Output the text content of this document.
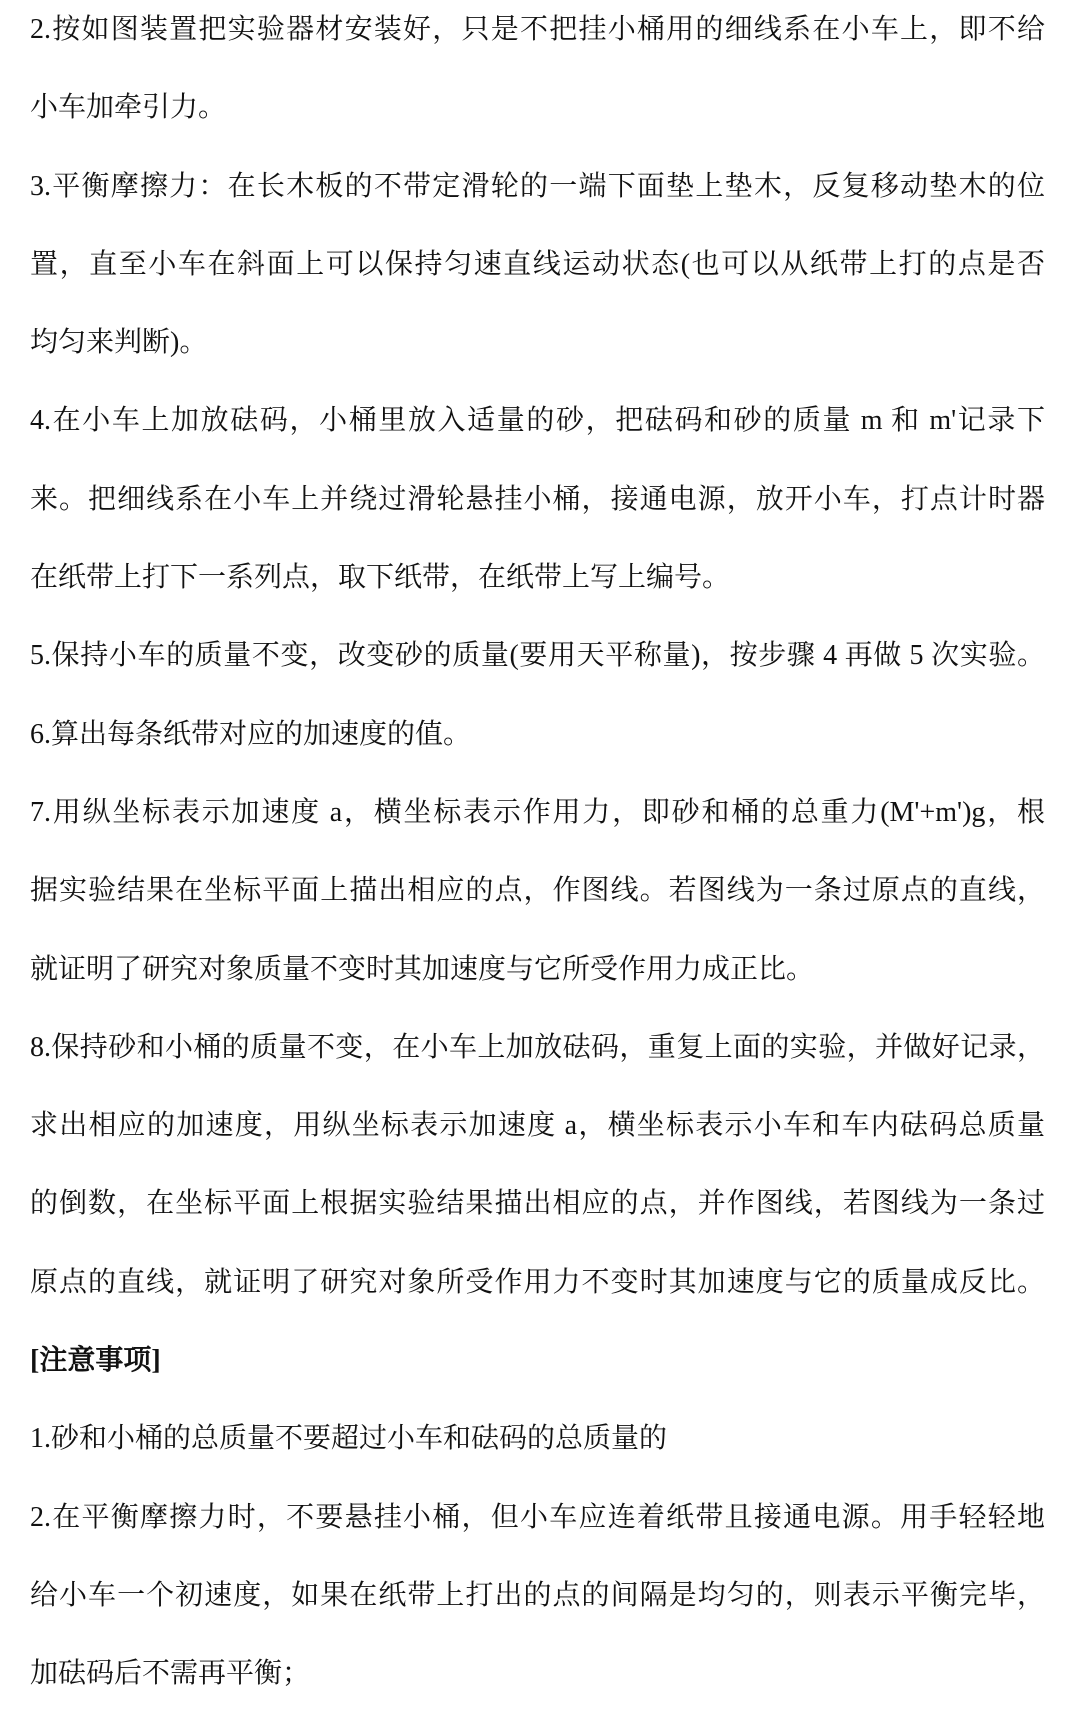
2.按如图装置把实验器材安装好，只是不把挂小桶用的细线系在小车上，即不给
小车加牵引力。
3.平衡摩擦力：在长木板的不带定滑轮的一端下面垫上垫木，反复移动垫木的位
置，直至小车在斜面上可以保持匀速直线运动状态(也可以从纸带上打的点是否
均匀来判断)。
4.在小车上加放砝码，小桶里放入适量的砂，把砝码和砂的质量 m 和 m'记录下
来。把细线系在小车上并绕过滑轮悬挂小桶，接通电源，放开小车，打点计时器
在纸带上打下一系列点，取下纸带，在纸带上写上编号。
5.保持小车的质量不变，改变砂的质量(要用天平称量)，按步骤 4 再做 5 次实验。
6.算出每条纸带对应的加速度的值。
7.用纵坐标表示加速度 a，横坐标表示作用力，即砂和桶的总重力(M'+m')g，根
据实验结果在坐标平面上描出相应的点，作图线。若图线为一条过原点的直线，
就证明了研究对象质量不变时其加速度与它所受作用力成正比。
8.保持砂和小桶的质量不变，在小车上加放砝码，重复上面的实验，并做好记录，
求出相应的加速度，用纵坐标表示加速度 a，横坐标表示小车和车内砝码总质量
的倒数，在坐标平面上根据实验结果描出相应的点，并作图线，若图线为一条过
原点的直线，就证明了研究对象所受作用力不变时其加速度与它的质量成反比。
[注意事项]
1.砂和小桶的总质量不要超过小车和砝码的总质量的
2.在平衡摩擦力时，不要悬挂小桶，但小车应连着纸带且接通电源。用手轻轻地
给小车一个初速度，如果在纸带上打出的点的间隔是均匀的，则表示平衡完毕，
加砝码后不需再平衡；
